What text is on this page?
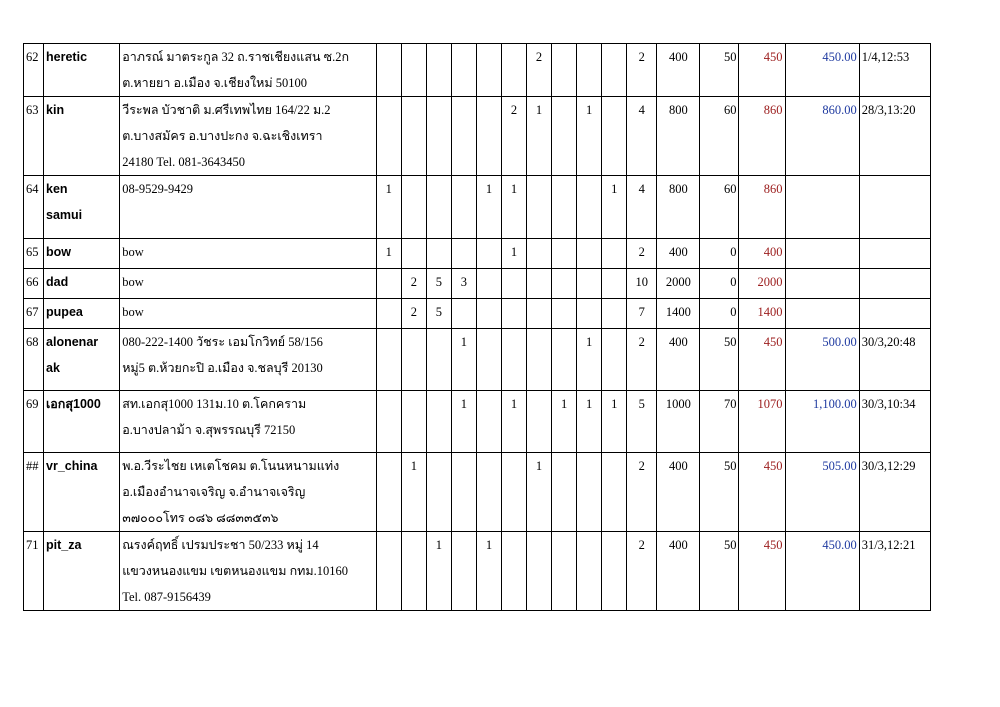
62	heretic	อาภรณ์ มาตระกูล 32 ถ.ราชเชียงแสน ซ.2ก
ต.หายยา อ.เมือง จ.เชียงใหม่ 50100							2				2	400	50	450	450.00	1/4,12:53
63	kin	วีระพล บัวชาติ ม.ศรีเทพไทย 164/22 ม.2
ต.บางสมัคร อ.บางปะกง จ.ฉะเชิงเทรา
24180 Tel. 081-3643450						2	1		1		4	800	60	860	860.00	28/3,13:20
64	ken
samui	08-9529-9429	1				1	1				1	4	800	60	860		
65	bow	bow	1					1					2	400	0	400		
66	dad	bow		2	5	3							10	2000	0	2000		
67	pupea	bow		2	5								7	1400	0	1400		
68	alonenar
ak	080-222-1400 วัชระ เอมโกวิทย์ 58/156
หมู่5 ต.ห้วยกะปิ อ.เมือง จ.ชลบุรี 20130				1					1		2	400	50	450	500.00	30/3,20:48
69	เอกสุ1000	สท.เอกสุ1000 131ม.10 ต.โคกคราม
อ.บางปลาม้า จ.สุพรรณบุรี 72150				1		1		1	1	1	5	1000	70	1070	1,100.00	30/3,10:34
##	vr_china	พ.อ.วีระไชย เหเตโชคม ต.โนนหนามแท่ง
อ.เมืองอำนาจเจริญ จ.อำนาจเจริญ
๓๗๐๐๐โทร ๐๘๖ ๘๘๓๓๕๓๖		1					1				2	400	50	450	505.00	30/3,12:29
71	pit_za	ณรงค์ฤทธิ์ เปรมประชา 50/233 หมู่ 14
แขวงหนองแขม เขตหนองแขม กทม.10160
Tel. 087-9156439			1		1						2	400	50	450	450.00	31/3,12:21
